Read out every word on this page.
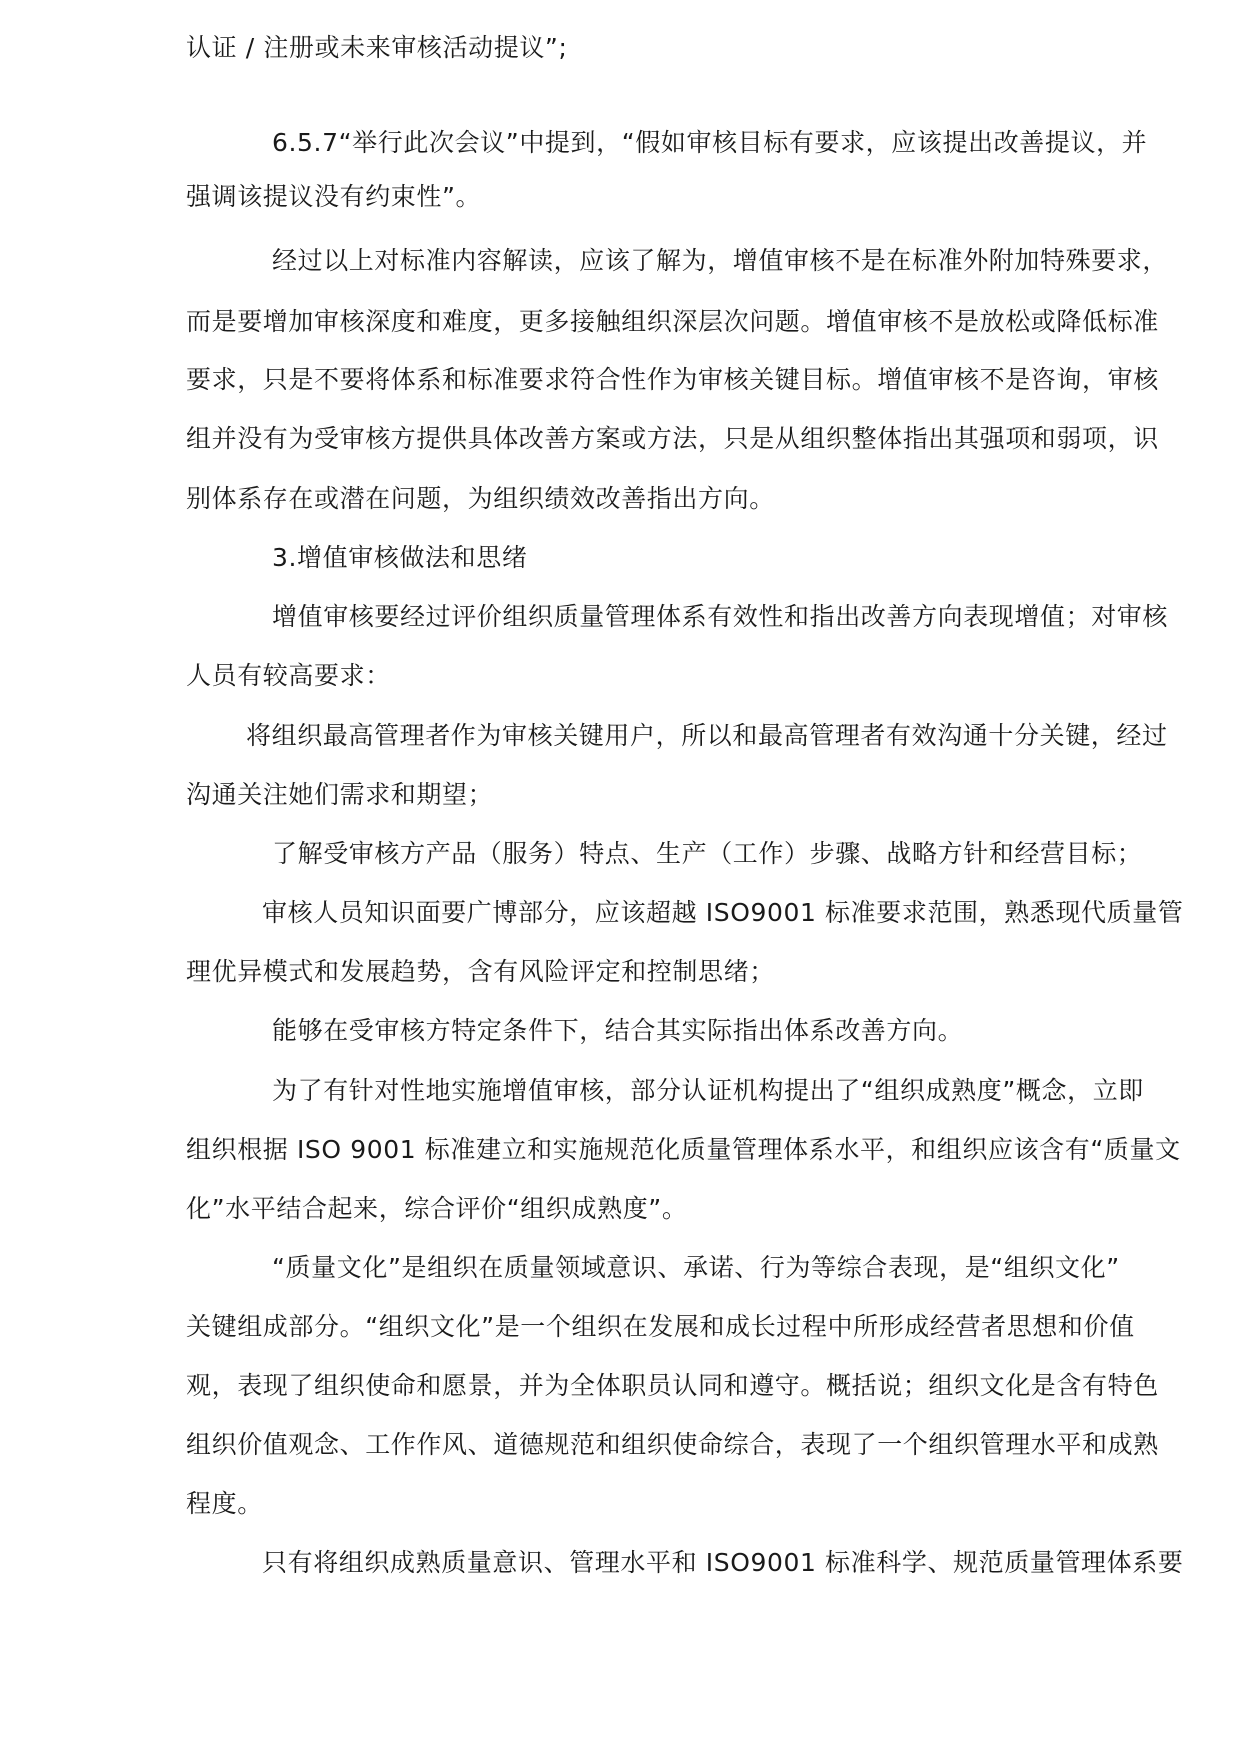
认证 / 注册或未来审核活动提议”;
6.5.7“举行此次会议”中提到，“假如审核目标有要求，应该提出改善提议，并
强调该提议没有约束性”。
经过以上对标准内容解读，应该了解为，增值审核不是在标准外附加特殊要求，
而是要增加审核深度和难度，更多接触组织深层次问题。增值审核不是放松或降低标准
要求，只是不要将体系和标准要求符合性作为审核关键目标。增值审核不是咨询，审核
组并没有为受审核方提供具体改善方案或方法，只是从组织整体指出其强项和弱项，识
别体系存在或潜在问题，为组织绩效改善指出方向。
3.增值审核做法和思绪
增值审核要经过评价组织质量管理体系有效性和指出改善方向表现增值；对审核
人员有较高要求：
将组织最高管理者作为审核关键用户，所以和最高管理者有效沟通十分关键，经过
沟通关注她们需求和期望；
了解受审核方产品（服务）特点、生产（工作）步骤、战略方针和经营目标；
审核人员知识面要广博部分，应该超越 ISO9001 标准要求范围，熟悉现代质量管
理优异模式和发展趋势，含有风险评定和控制思绪；
能够在受审核方特定条件下，结合其实际指出体系改善方向。
为了有针对性地实施增值审核，部分认证机构提出了“组织成熟度”概念，立即
组织根据 ISO 9001 标准建立和实施规范化质量管理体系水平，和组织应该含有“质量文
化”水平结合起来，综合评价“组织成熟度”。
“质量文化”是组织在质量领域意识、承诺、行为等综合表现，是“组织文化”
关键组成部分。“组织文化”是一个组织在发展和成长过程中所形成经营者思想和价值
观，表现了组织使命和愿景，并为全体职员认同和遵守。概括说；组织文化是含有特色
组织价值观念、工作作风、道德规范和组织使命综合，表现了一个组织管理水平和成熟
程度。
只有将组织成熟质量意识、管理水平和 ISO9001 标准科学、规范质量管理体系要
